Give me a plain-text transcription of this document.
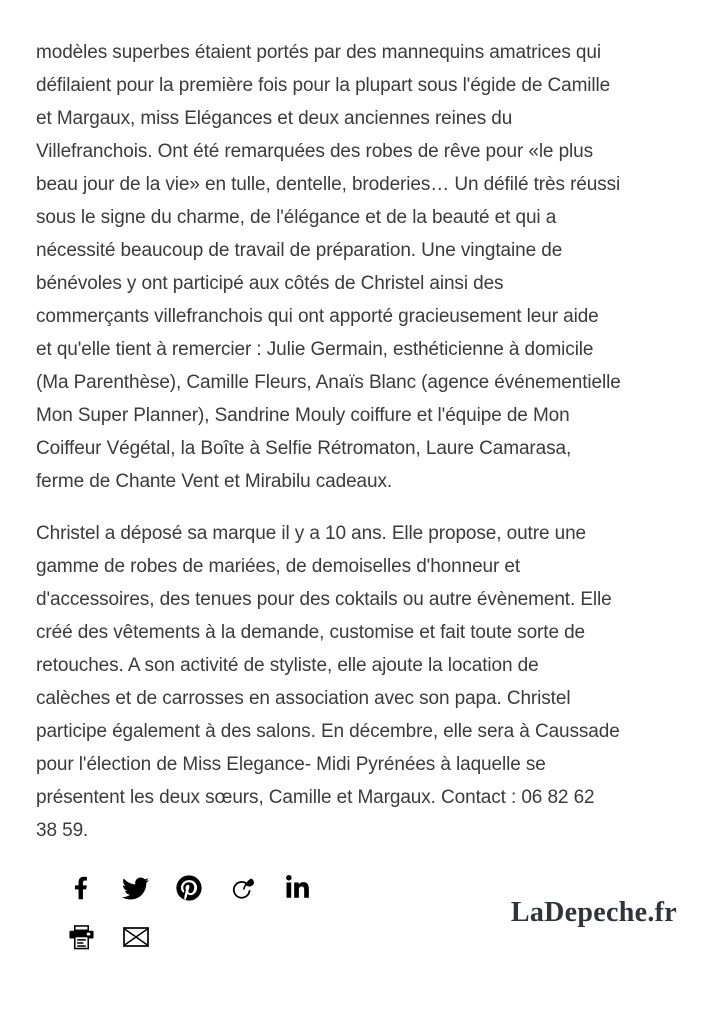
modèles superbes étaient portés par des mannequins amatrices qui
défilaient pour la première fois pour la plupart sous l'égide de Camille
et Margaux, miss Elégances et deux anciennes reines du
Villefranchois. Ont été remarquées des robes de rêve pour «le plus
beau jour de la vie» en tulle, dentelle, broderies… Un défilé très réussi
sous le signe du charme, de l'élégance et de la beauté et qui a
nécessité beaucoup de travail de préparation. Une vingtaine de
bénévoles y ont participé aux côtés de Christel ainsi des
commerçants villefranchois qui ont apporté gracieusement leur aide
et qu'elle tient à remercier : Julie Germain, esthéticienne à domicile
(Ma Parenthèse), Camille Fleurs, Anaïs Blanc (agence événementielle
Mon Super Planner), Sandrine Mouly coiffure et l'équipe de Mon
Coiffeur Végétal, la Boîte à Selfie Rétromaton, Laure Camarasa,
ferme de Chante Vent et Mirabilu cadeaux.
Christel a déposé sa marque il y a 10 ans. Elle propose, outre une
gamme de robes de mariées, de demoiselles d'honneur et
d'accessoires, des tenues pour des coktails ou autre évènement. Elle
créé des vêtements à la demande, customise et fait toute sorte de
retouches. A son activité de styliste, elle ajoute la location de
calèches et de carrosses en association avec son papa. Christel
participe également à des salons. En décembre, elle sera à Caussade
pour l'élection de Miss Elegance- Midi Pyrénées à laquelle se
présentent les deux sœurs, Camille et Margaux. Contact : 06 82 62
38 59.
LaDepeche.fr
